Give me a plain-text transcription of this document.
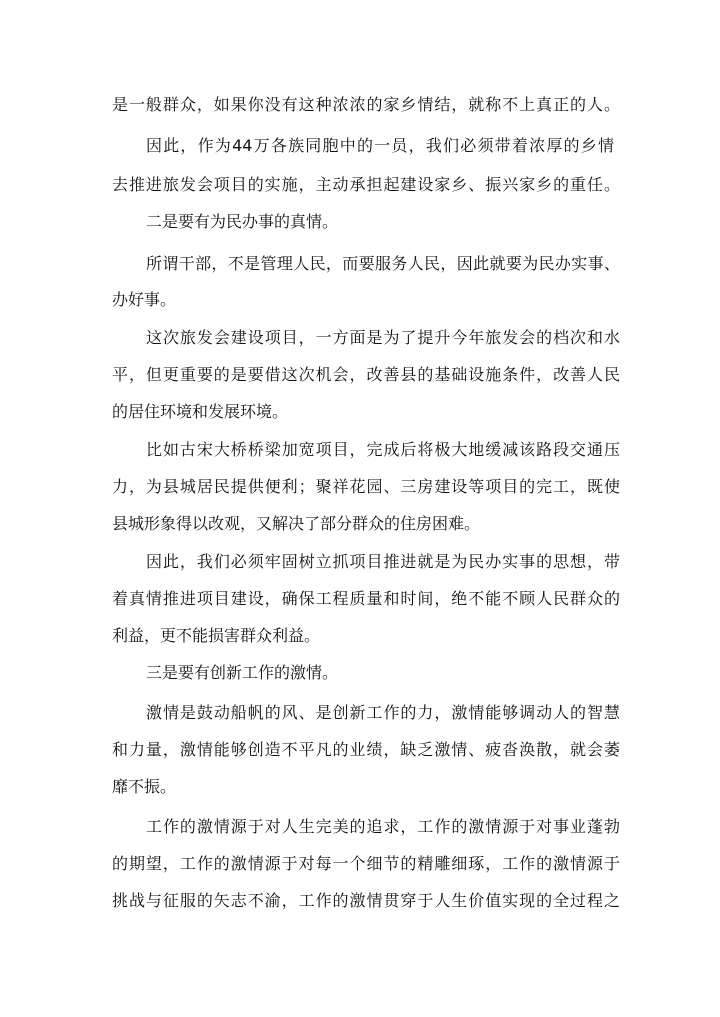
是一般群众，如果你没有这种浓浓的家乡情结，就称不上真正的人。
因此，作为44万各族同胞中的一员，我们必须带着浓厚的乡情
去推进旅发会项目的实施，主动承担起建设家乡、振兴家乡的重任。
二是要有为民办事的真情。
所谓干部，不是管理人民，而要服务人民，因此就要为民办实事、
办好事。
这次旅发会建设项目，一方面是为了提升今年旅发会的档次和水
平，但更重要的是要借这次机会，改善县的基础设施条件，改善人民
的居住环境和发展环境。
比如古宋大桥桥梁加宽项目，完成后将极大地缓减该路段交通压
力，为县城居民提供便利；聚祥花园、三房建设等项目的完工，既使
县城形象得以改观，又解决了部分群众的住房困难。
因此，我们必须牢固树立抓项目推进就是为民办实事的思想，带
着真情推进项目建设，确保工程质量和时间，绝不能不顾人民群众的
利益，更不能损害群众利益。
三是要有创新工作的激情。
激情是鼓动船帆的风、是创新工作的力，激情能够调动人的智慧
和力量，激情能够创造不平凡的业绩，缺乏激情、疲沓涣散，就会萎
靡不振。
工作的激情源于对人生完美的追求，工作的激情源于对事业蓬勃
的期望，工作的激情源于对每一个细节的精雕细琢，工作的激情源于
挑战与征服的矢志不渝，工作的激情贯穿于人生价值实现的全过程之
